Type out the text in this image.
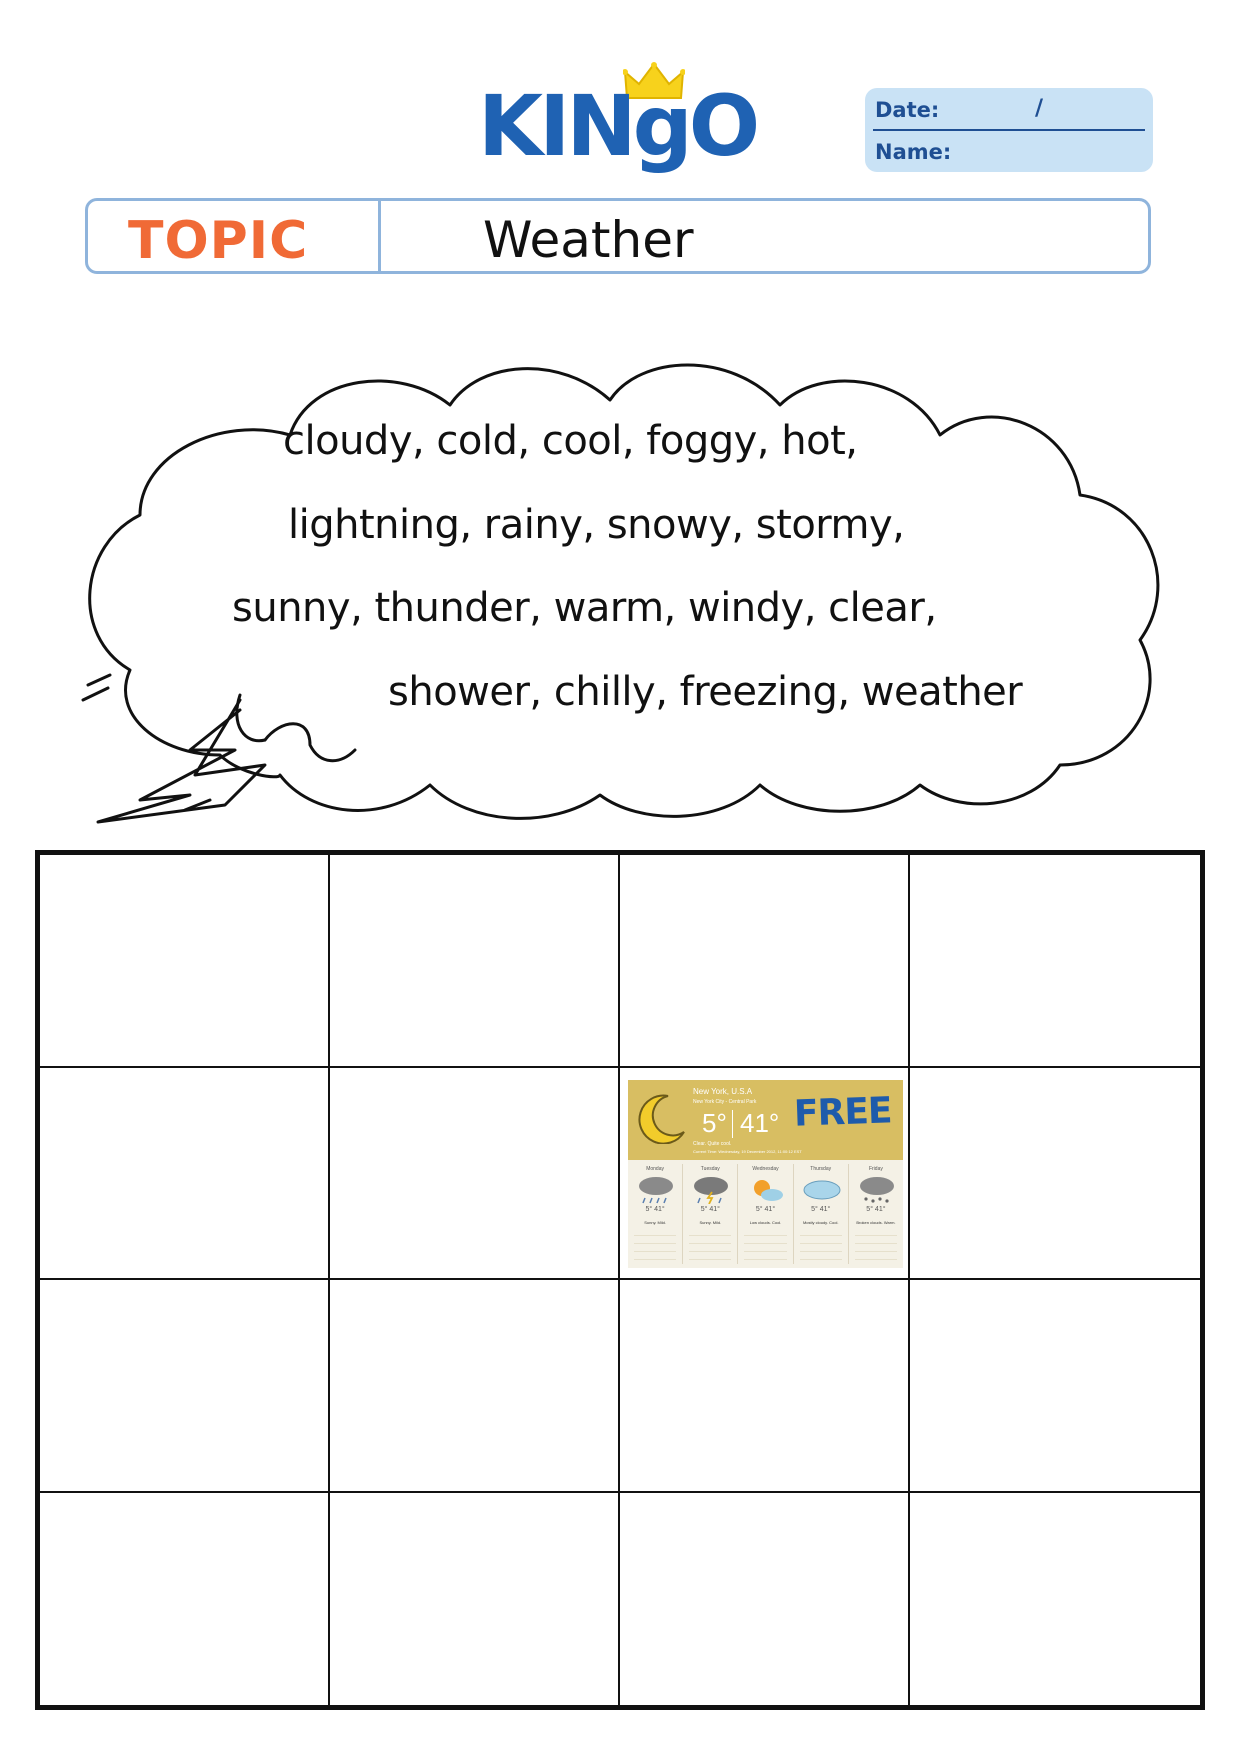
KINgO	Date:	/
Name:
TOPIC	Weather
cloudy, cold, cool, foggy, hot,
lightning, rainy, snowy, stormy,
sunny, thunder, warm, windy, clear,
shower, chilly, freezing, weather
New York, U.S.A
New York City - Central Park
5° 41°
Clear. Quite cool.
Current Time: Wednesday, 19 December 2012, 11:00:12 EST
FREE
Monday
5° 41°
Sunny. Mild.
Tuesday
5° 41°
Sunny. Mild.
Wednesday
5° 41°
Low clouds. Cool.
Thursday
5° 41°
Mostly cloudy. Cool.
Friday
5° 41°
Broken clouds. Warm.
